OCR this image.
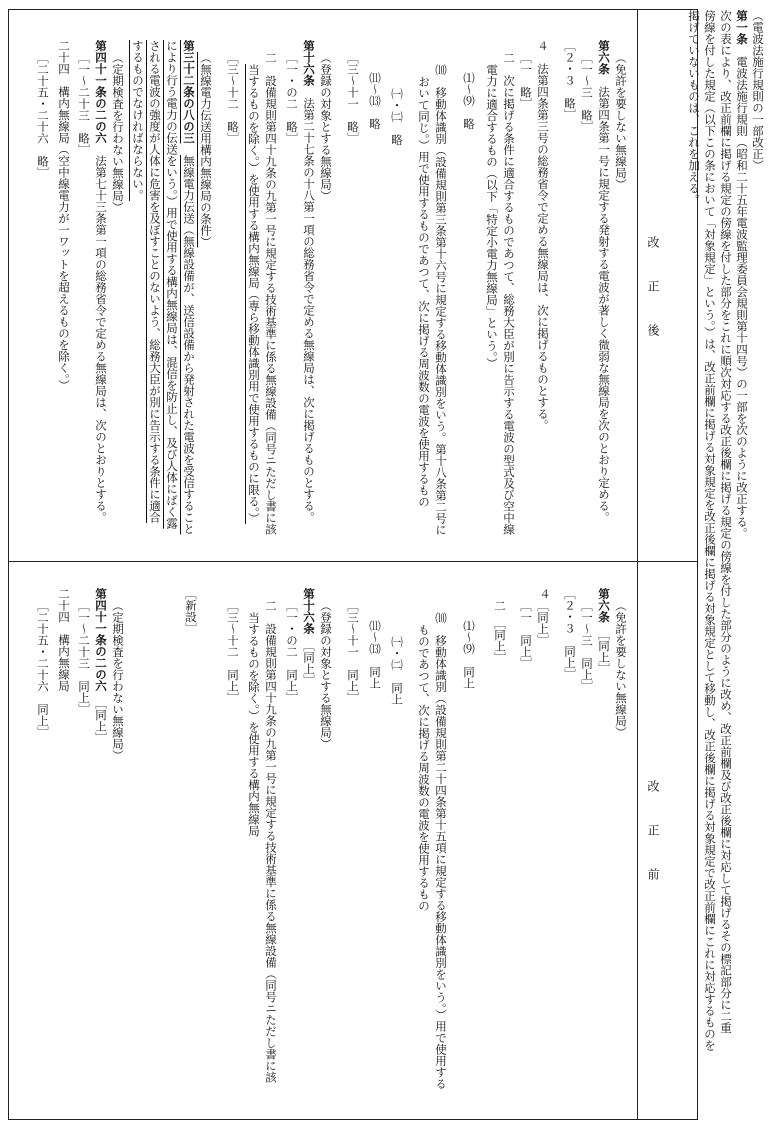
（電波法施行規則の一部改正）
第一条　電波法施行規則（昭和二十五年電波監理委員会規則第十四号）の一部を次のように改正する。
次の表により、改正前欄に掲げる規定の傍線を付した部分をこれに順次対応する改正後欄に掲げる規定の傍線を付した部分のように改め、改正前欄及び改正後欄に対応して掲げるその標記部分に二重
傍線を付した規定（以下この条において「対象規定」という。）は、改正前欄に掲げる対象規定を改正後欄に掲げる対象規定として移動し、改正後欄に掲げる対象規定で改正前欄にこれに対応するものを
掲げていないものは、これを加える。
改正後
改正前
（免許を要しない無線局）
第六条　法第四条第一号に規定する発射する電波が著しく微弱な無線局を次のとおり定める。
［一〜三　略］
［２・３　略］
４　法第四条第三号の総務省令で定める無線局は、次に掲げるものとする。
［一　略］
二　次に掲げる条件に適合するものであつて、総務大臣が別に告示する電波の型式及び空中線
電力に適合するもの（以下「特定小電力無線局」という。）
⑴〜⑼　略
⑽　移動体識別（設備規則第三条第十六号に規定する移動体識別をいう。第十八条第二号に
おいて同じ。）用で使用するものであつて、次に掲げる周波数の電波を使用するもの
㈠・㈡　略
⑾〜⒀　略
［三〜十一　略］
（登録の対象とする無線局）
第十六条　法第二十七条の十八第一項の総務省令で定める無線局は、次に掲げるものとする。
［一・の二　略］
二　設備規則第四十九条の九第一号に規定する技術基準に係る無線設備（同号ニただし書に該
当するものを除く。）を使用する構内無線局（専ら移動体識別用で使用するものに限る。）
［三〜十二　略］
（無線電力伝送用構内無線局の条件）
第三十二条の八の三　無線電力伝送（無線設備が、送信設備から発射された電波を受信すること
により行う電力の伝送をいう。）用で使用する構内無線局は、混信を防止し、及び人体にばく露
される電波の強度が人体に危害を及ぼすことのないよう、総務大臣が別に告示する条件に適合
するものでなければならない。
（定期検査を行わない無線局）
第四十一条の二の六　法第七十三条第一項の総務省令で定める無線局は、次のとおりとする。
［一〜二十三　略］
二十四　構内無線局（空中線電力が一ワットを超えるものを除く。）
［二十五・二十六　略］
（免許を要しない無線局）
第六条　［同上］
［一〜三　同上］
［２・３　同上］
４
［同上］
［一　同上］
二　［同上］
⑴〜⑼　同上
⑽　移動体識別（設備規則第二十四条第十五項に規定する移動体識別をいう。）用で使用する
ものであつて、次に掲げる周波数の電波を使用するもの
㈠・㈡　同上
⑾〜⒀　同上
［三〜十一　同上］
（登録の対象とする無線局）
第十六条　［同上］
［一・の二　同上］
二　設備規則第四十九条の九第一号に規定する技術基準に係る無線設備（同号ニただし書に該
当するものを除く。）を使用する構内無線局
［三〜十二　同上］
［新設］
（定期検査を行わない無線局）
第四十一条の二の六　［同上］
［一〜二十三　同上］
二十四　構内無線局
［二十五・二十六　同上］
